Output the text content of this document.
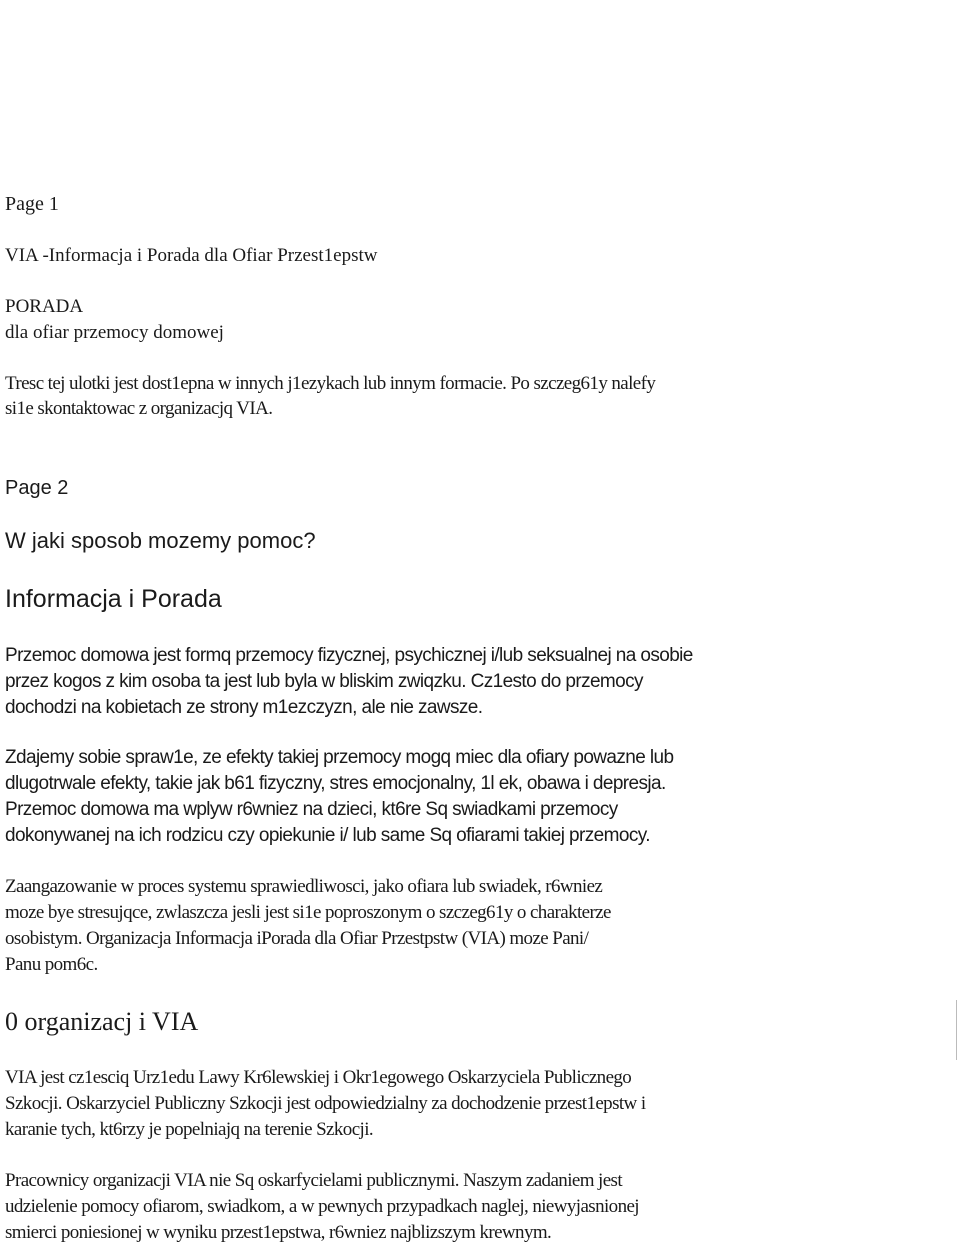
Page 1
VIA -Informacja i Porada dla Ofiar Przest1epstw
PORADA
dla ofiar przemocy domowej
Tresc tej ulotki jest dost1epna w innych j1ezykach lub innym formacie. Po szczeg61y nalefy
si1e skontaktowac z organizacjq VIA.
Page 2
W jaki sposob mozemy pomoc?
Informacja i Porada
Przemoc domowa jest formq przemocy fizycznej, psychicznej i/lub seksualnej na osobie
przez kogos z kim osoba ta jest lub byla w bliskim zwiqzku. Cz1esto do przemocy
dochodzi na kobietach ze strony m1ezczyzn, ale nie zawsze.
Zdajemy sobie spraw1e, ze efekty takiej przemocy mogq miec dla ofiary powazne lub
dlugotrwale efekty, takie jak b61 fizyczny, stres emocjonalny, 1l ek, obawa i depresja.
Przemoc domowa ma wplyw r6wniez na dzieci, kt6re Sq swiadkami przemocy
dokonywanej na ich rodzicu czy opiekunie i/ lub same Sq ofiarami takiej przemocy.
Zaangazowanie w proces systemu sprawiedliwosci, jako ofiara lub swiadek, r6wniez
moze bye stresujqce, zwlaszcza jesli jest si1e poproszonym o szczeg61y o charakterze
osobistym. Organizacja Informacja iPorada dla Ofiar Przestpstw (VIA) moze Pani/
Panu pom6c.
0 organizacj i VIA
VIA jest cz1esciq Urz1edu Lawy Kr6lewskiej i Okr1egowego Oskarzyciela Publicznego
Szkocji. Oskarzyciel Publiczny Szkocji jest odpowiedzialny za dochodzenie przest1epstw i
karanie tych, kt6rzy je popelniajq na terenie Szkocji.
Pracownicy organizacji VIA nie Sq oskarfycielami publicznymi. Naszym zadaniem jest
udzielenie pomocy ofiarom, swiadkom, a w pewnych przypadkach naglej, niewyjasnionej
smierci poniesionej w wyniku przest1epstwa, r6wniez najblizszym krewnym.
